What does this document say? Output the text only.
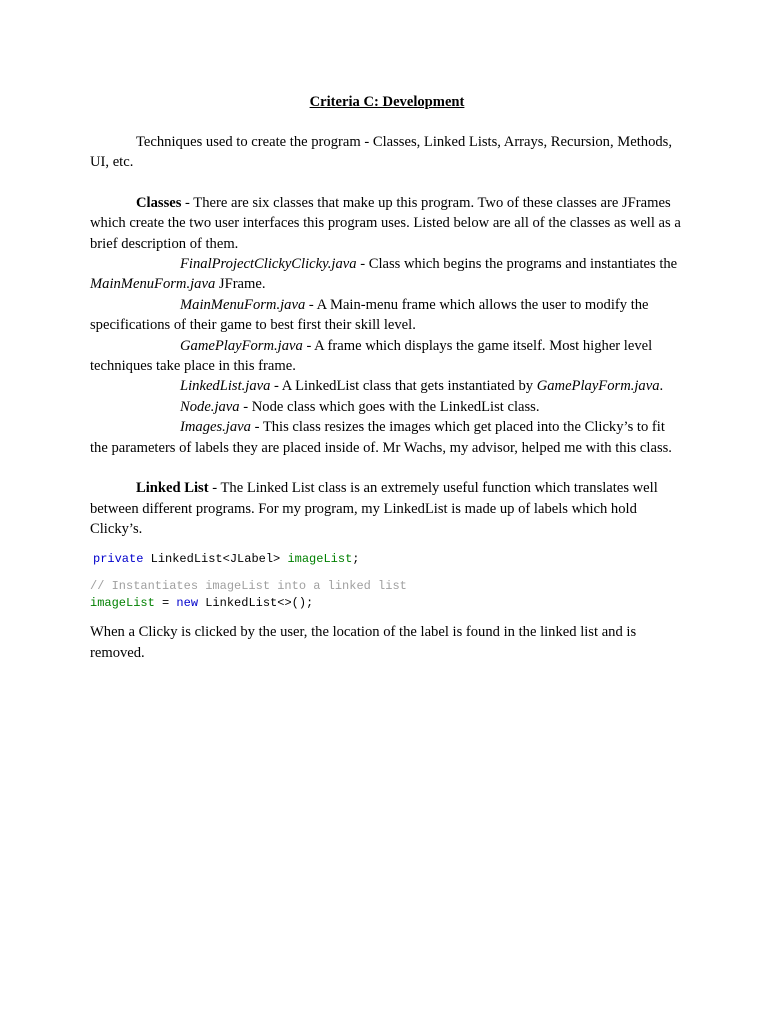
Criteria C: Development

Techniques used to create the program - Classes, Linked Lists, Arrays, Recursion, Methods, UI, etc.

Classes - There are six classes that make up this program. Two of these classes are JFrames which create the two user interfaces this program uses. Listed below are all of the classes as well as a brief description of them.

FinalProjectClickyClicky.java - Class which begins the programs and instantiates the MainMenuForm.java JFrame.

MainMenuForm.java - A Main-menu frame which allows the user to modify the specifications of their game to best first their skill level.

GamePlayForm.java - A frame which displays the game itself. Most higher level techniques take place in this frame.

LinkedList.java - A LinkedList class that gets instantiated by GamePlayForm.java.

Node.java - Node class which goes with the LinkedList class.

Images.java - This class resizes the images which get placed into the Clicky’s to fit the parameters of labels they are placed inside of. Mr Wachs, my advisor, helped me with this class.

Linked List - The Linked List class is an extremely useful function which translates well between different programs. For my program, my LinkedList is made up of labels which hold Clicky’s.

private LinkedList<JLabel> imageList;
// Instantiates imageList into a linked list
imageList = new LinkedList<>();

When a Clicky is clicked by the user, the location of the label is found in the linked list and is removed.
